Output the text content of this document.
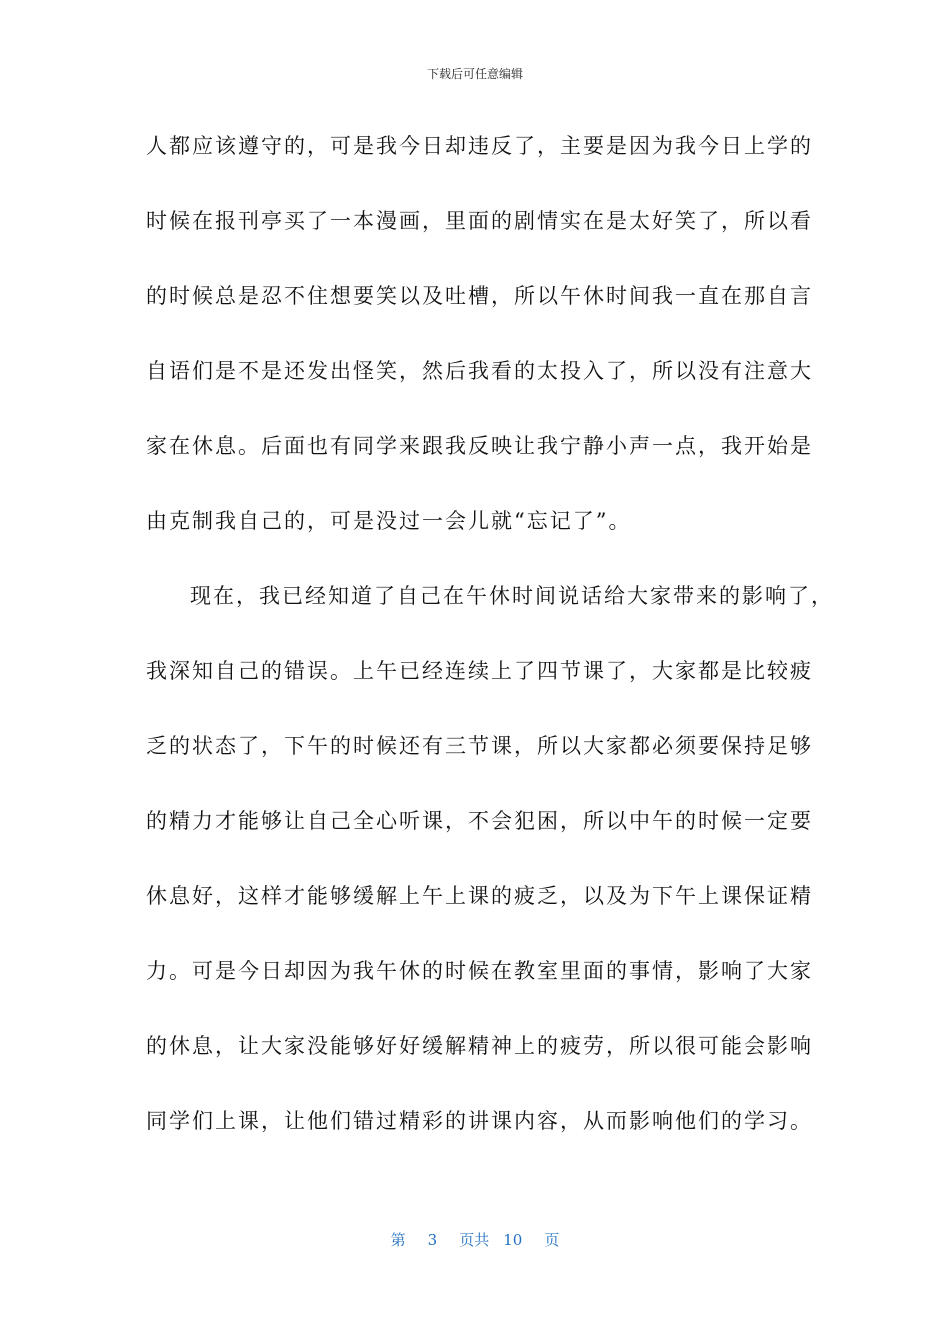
下载后可任意编辑
人都应该遵守的，可是我今日却违反了，主要是因为我今日上学的
时候在报刊亭买了一本漫画，里面的剧情实在是太好笑了，所以看
的时候总是忍不住想要笑以及吐槽，所以午休时间我一直在那自言
自语们是不是还发出怪笑，然后我看的太投入了，所以没有注意大
家在休息。后面也有同学来跟我反映让我宁静小声一点，我开始是
由克制我自己的，可是没过一会儿就“忘记了”。
现在，我已经知道了自己在午休时间说话给大家带来的影响了，
我深知自己的错误。上午已经连续上了四节课了，大家都是比较疲
乏的状态了，下午的时候还有三节课，所以大家都必须要保持足够
的精力才能够让自己全心听课，不会犯困，所以中午的时候一定要
休息好，这样才能够缓解上午上课的疲乏，以及为下午上课保证精
力。可是今日却因为我午休的时候在教室里面的事情，影响了大家
的休息，让大家没能够好好缓解精神上的疲劳，所以很可能会影响
同学们上课，让他们错过精彩的讲课内容，从而影响他们的学习。
第 3 页共 10 页
